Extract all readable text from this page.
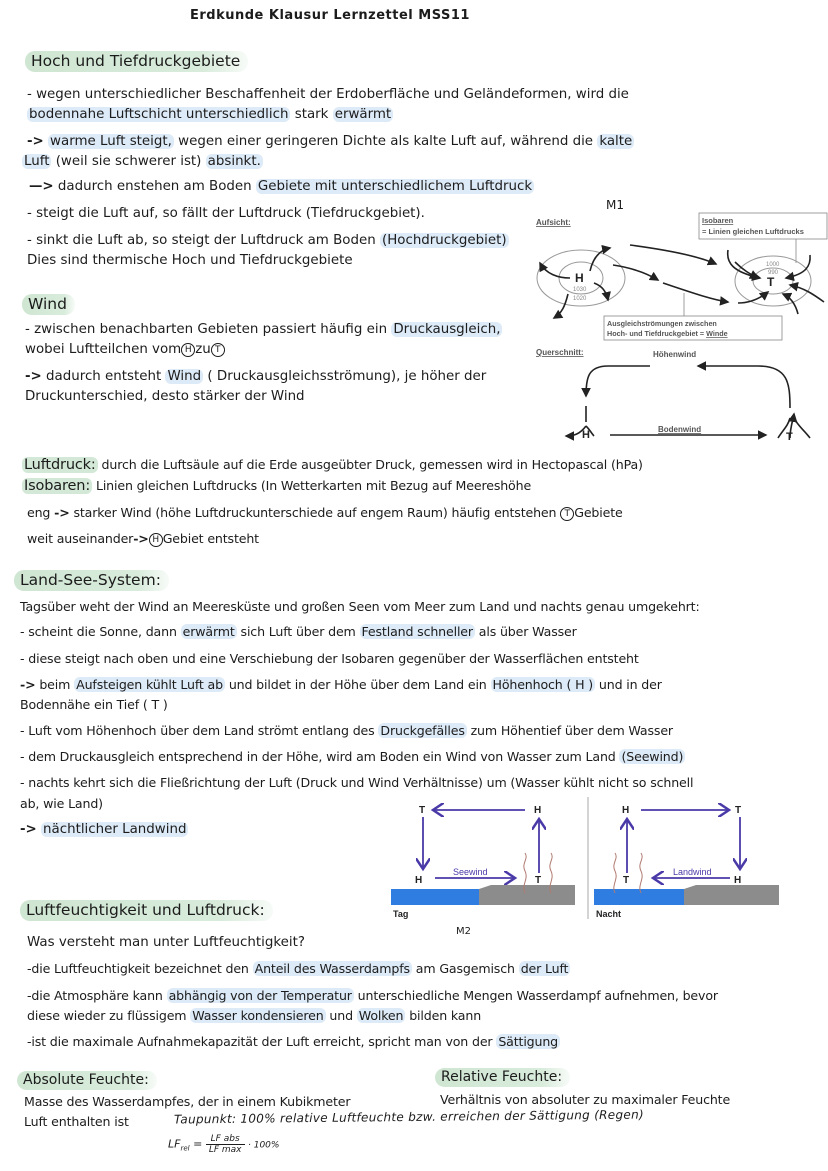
Erdkunde Klausur Lernzettel MSS11
Hoch und Tiefdruckgebiete
- wegen unterschiedlicher Beschaffenheit der Erdoberfläche und Geländeformen, wird die
bodennahe Luftschicht unterschiedlich stark erwärmt
-> warme Luft steigt, wegen einer geringeren Dichte als kalte Luft auf, während die kalte
Luft (weil sie schwerer ist) absinkt.
—> dadurch enstehen am Boden Gebiete mit unterschiedlichem Luftdruck
- steigt die Luft auf, so fällt der Luftdruck (Tiefdruckgebiet).
- sinkt die Luft ab, so steigt der Luftdruck am Boden (Hochdruckgebiet)
Dies sind thermische Hoch und Tiefdruckgebiete
M1
Aufsicht:	Isobaren
= Linien gleichen Luftdrucks
H
1030
1020
T
1000
990
Ausgleichströmungen zwischen
Hoch- und Tiefdruckgebiet = Winde
Querschnitt:	Höhenwind
H	T
Bodenwind
Wind
- zwischen benachbarten Gebieten passiert häufig ein Druckausgleich,
wobei Luftteilchen vom H zu T
-> dadurch entsteht Wind ( Druckausgleichsströmung), je höher der
Druckunterschied, desto stärker der Wind
Luftdruck: durch die Luftsäule auf die Erde ausgeübter Druck, gemessen wird in Hectopascal (hPa)
Isobaren: Linien gleichen Luftdrucks (In Wetterkarten mit Bezug auf Meereshöhe
eng -> starker Wind (höhe Luftdruckunterschiede auf engem Raum) häufig entstehen T Gebiete
weit auseinander-> H Gebiet entsteht
Land-See-System:
Tagsüber weht der Wind an Meeresküste und großen Seen vom Meer zum Land und nachts genau umgekehrt:
- scheint die Sonne, dann erwärmt sich Luft über dem Festland schneller als über Wasser
- diese steigt nach oben und eine Verschiebung der Isobaren gegenüber der Wasserflächen entsteht
-> beim Aufsteigen kühlt Luft ab und bildet in der Höhe über dem Land ein Höhenhoch ( H ) und in der
Bodennähe ein Tief ( T )
- Luft vom Höhenhoch über dem Land strömt entlang des Druckgefälles zum Höhentief über dem Wasser
- dem Druckausgleich entsprechend in der Höhe, wird am Boden ein Wind von Wasser zum Land (Seewind)
- nachts kehrt sich die Fließrichtung der Luft (Druck und Wind Verhältnisse) um (Wasser kühlt nicht so schnell
ab, wie Land)
-> nächtlicher Landwind
Tag
T	H
H	T
Seewind
Nacht
H	T
T	H
Landwind
M2
Luftfeuchtigkeit und Luftdruck:
Was versteht man unter Luftfeuchtigkeit?
-die Luftfeuchtigkeit bezeichnet den Anteil des Wasserdampfs am Gasgemisch der Luft
-die Atmosphäre kann abhängig von der Temperatur unterschiedliche Mengen Wasserdampf aufnehmen, bevor
diese wieder zu flüssigem Wasser kondensieren und Wolken bilden kann
-ist die maximale Aufnahmekapazität der Luft erreicht, spricht man von der Sättigung
Absolute Feuchte:
Masse des Wasserdampfes, der in einem Kubikmeter
Luft enthalten ist
Relative Feuchte:
Verhältnis von absoluter zu maximaler Feuchte
Taupunkt: 100% relative Luftfeuchte bzw. erreichen der Sättigung (Regen)
$LF_{rel} = \frac{\text{LF abs}}{\text{LF max}} \cdot 100\%$
